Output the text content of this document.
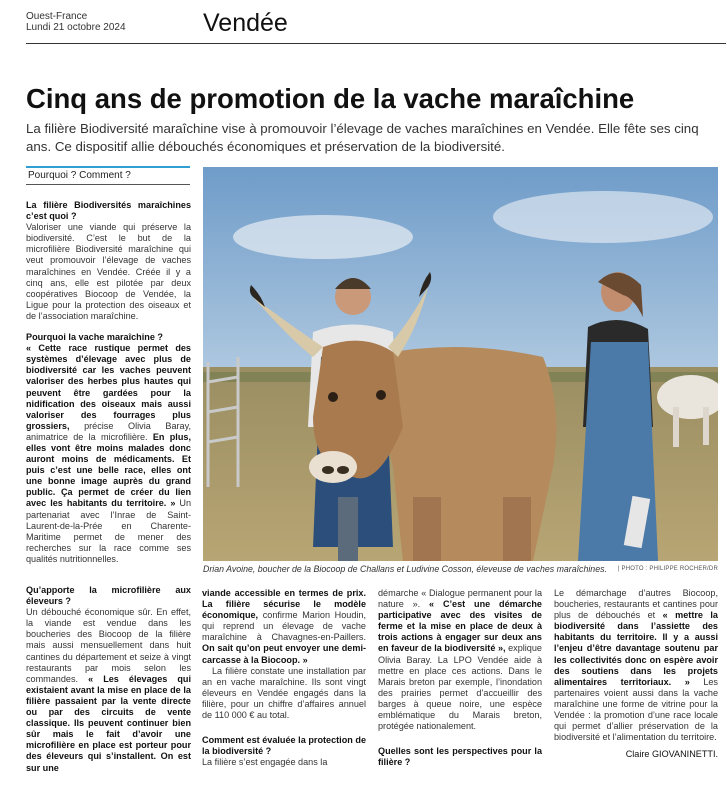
Ouest-France
Lundi 21 octobre 2024	Vendée
Cinq ans de promotion de la vache maraîchine

La filière Biodiversité maraîchine vise à promouvoir l’élevage de vaches maraîchines en Vendée. Elle fête ses cinq ans. Ce dispositif allie débouchés économiques et préservation de la biodiversité.

Pourquoi ? Comment ?

La filière Biodiversités maraîchines c’est quoi ?

Valoriser une viande qui préserve la biodiversité. C’est le but de la microfilière Biodiversité maraîchine qui veut promouvoir l’élevage de vaches maraîchines en Vendée. Créée il y a cinq ans, elle est pilotée par deux coopératives Biocoop de Vendée, la Ligue pour la protection des oiseaux et de l’association maraîchine.

Pourquoi la vache maraîchine ?

« Cette race rustique permet des systèmes d’élevage avec plus de biodiversité car les vaches peuvent valoriser des herbes plus hautes qui peuvent être gardées pour la nidification des oiseaux mais aussi valoriser des fourrages plus grossiers, précise Olivia Baray, animatrice de la microfilière. En plus, elles vont être moins malades donc auront moins de médicaments. Et puis c’est une belle race, elles ont une bonne image auprès du grand public. Ça permet de créer du lien avec les habitants du territoire. » Un partenariat avec l’Inrae de Saint-Laurent-de-la-Prée en Charente-Maritime permet de mener des recherches sur la race comme ses qualités nutritionnelles.

Drian Avoine, boucher de la Biocoop de Challans et Ludivine Cosson, éleveuse de vaches maraîchines.	| PHOTO : PHILIPPE ROCHER/DR

Qu’apporte la microfilière aux éleveurs ?

Un débouché économique sûr. En effet, la viande est vendue dans les boucheries des Biocoop de la filière mais aussi mensuellement dans huit cantines du département et seize à vingt restaurants par mois selon les commandes. « Les élevages qui existaient avant la mise en place de la filière passaient par la vente directe ou par des circuits de vente classique. Ils peuvent continuer bien sûr mais le fait d’avoir une microfilière en place est porteur pour des éleveurs qui s’installent. On est sur une

viande accessible en termes de prix. La filière sécurise le modèle économique, confirme Marion Houdin, qui reprend un élevage de vache maraîchine à Chavagnes-en-Paillers. On sait qu’on peut envoyer une demi-carcasse à la Biocoop. »

La filière constate une installation par an en vache maraîchine. Ils sont vingt éleveurs en Vendée engagés dans la filière, pour un chiffre d’affaires annuel de 110 000 € au total.

Comment est évaluée la protection de la biodiversité ?

La filière s’est engagée dans la

démarche « Dialogue permanent pour la nature ». « C’est une démarche participative avec des visites de ferme et la mise en place de deux à trois actions à engager sur deux ans en faveur de la biodiversité », explique Olivia Baray. La LPO Vendée aide à mettre en place ces actions. Dans le Marais breton par exemple, l’inondation des prairies permet d’accueillir des barges à queue noire, une espèce emblématique du Marais breton, protégée nationalement.

Quelles sont les perspectives pour la filière ?

Le démarchage d’autres Biocoop, boucheries, restaurants et cantines pour plus de débouchés et « mettre la biodiversité dans l’assiette des habitants du territoire. Il y a aussi l’enjeu d’être davantage soutenu par les collectivités donc on espère avoir des soutiens dans les projets alimentaires territoriaux. » Les partenaires voient aussi dans la vache maraîchine une forme de vitrine pour la Vendée : la promotion d’une race locale qui permet d’allier préservation de la biodiversité et l’alimentation du territoire.

Claire GIOVANINETTI.
